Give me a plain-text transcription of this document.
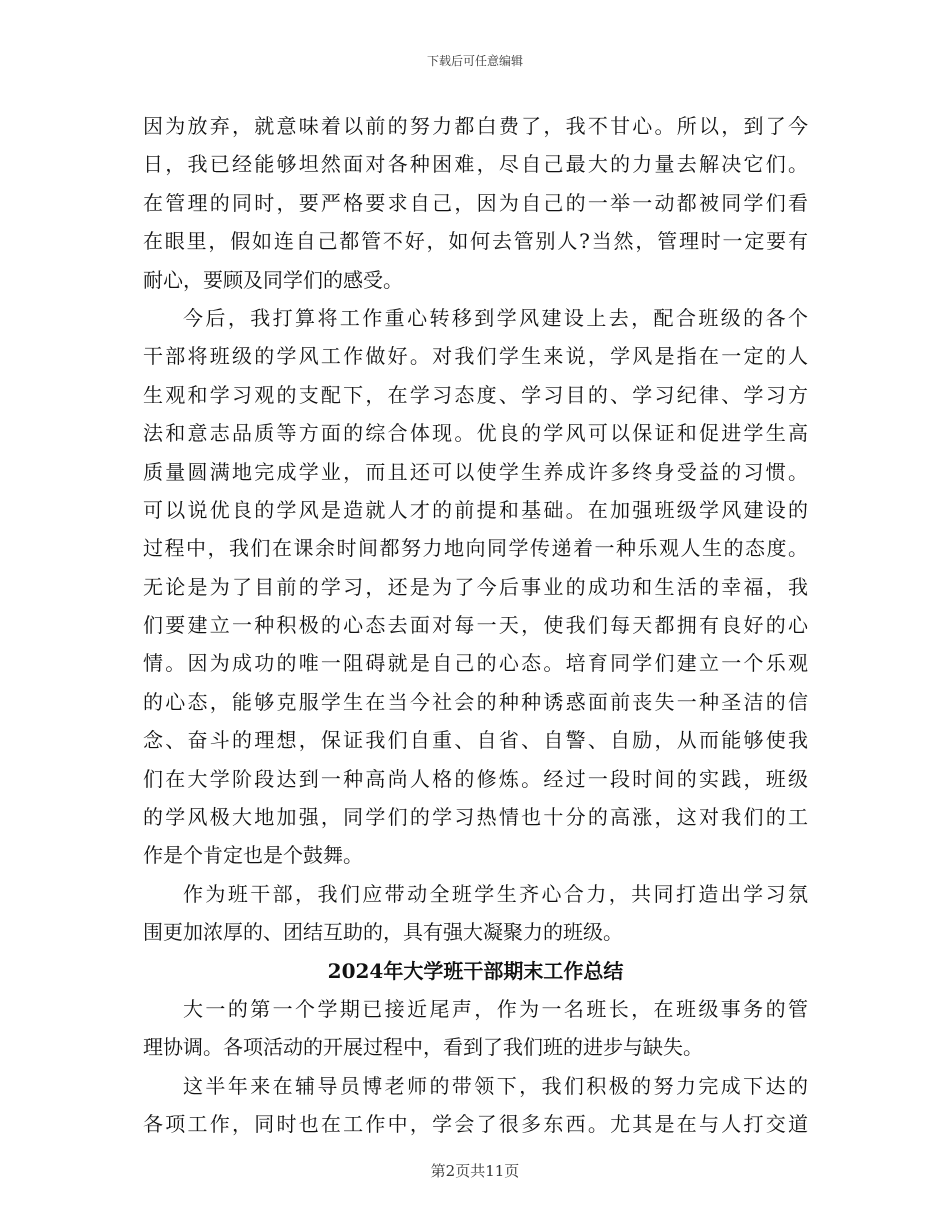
下载后可任意编辑
因为放弃，就意味着以前的努力都白费了，我不甘心。所以，到了今
日，我已经能够坦然面对各种困难，尽自己最大的力量去解决它们。
在管理的同时，要严格要求自己，因为自己的一举一动都被同学们看
在眼里，假如连自己都管不好，如何去管别人?当然，管理时一定要有
耐心，要顾及同学们的感受。
今后，我打算将工作重心转移到学风建设上去，配合班级的各个
干部将班级的学风工作做好。对我们学生来说，学风是指在一定的人
生观和学习观的支配下，在学习态度、学习目的、学习纪律、学习方
法和意志品质等方面的综合体现。优良的学风可以保证和促进学生高
质量圆满地完成学业，而且还可以使学生养成许多终身受益的习惯。
可以说优良的学风是造就人才的前提和基础。在加强班级学风建设的
过程中，我们在课余时间都努力地向同学传递着一种乐观人生的态度。
无论是为了目前的学习，还是为了今后事业的成功和生活的幸福，我
们要建立一种积极的心态去面对每一天，使我们每天都拥有良好的心
情。因为成功的唯一阻碍就是自己的心态。培育同学们建立一个乐观
的心态，能够克服学生在当今社会的种种诱惑面前丧失一种圣洁的信
念、奋斗的理想，保证我们自重、自省、自警、自励，从而能够使我
们在大学阶段达到一种高尚人格的修炼。经过一段时间的实践，班级
的学风极大地加强，同学们的学习热情也十分的高涨，这对我们的工
作是个肯定也是个鼓舞。
作为班干部，我们应带动全班学生齐心合力，共同打造出学习氛
围更加浓厚的、团结互助的，具有强大凝聚力的班级。
2024年大学班干部期末工作总结
大一的第一个学期已接近尾声，作为一名班长，在班级事务的管
理协调。各项活动的开展过程中，看到了我们班的进步与缺失。
这半年来在辅导员博老师的带领下，我们积极的努力完成下达的
各项工作，同时也在工作中，学会了很多东西。尤其是在与人打交道
第2页共11页
